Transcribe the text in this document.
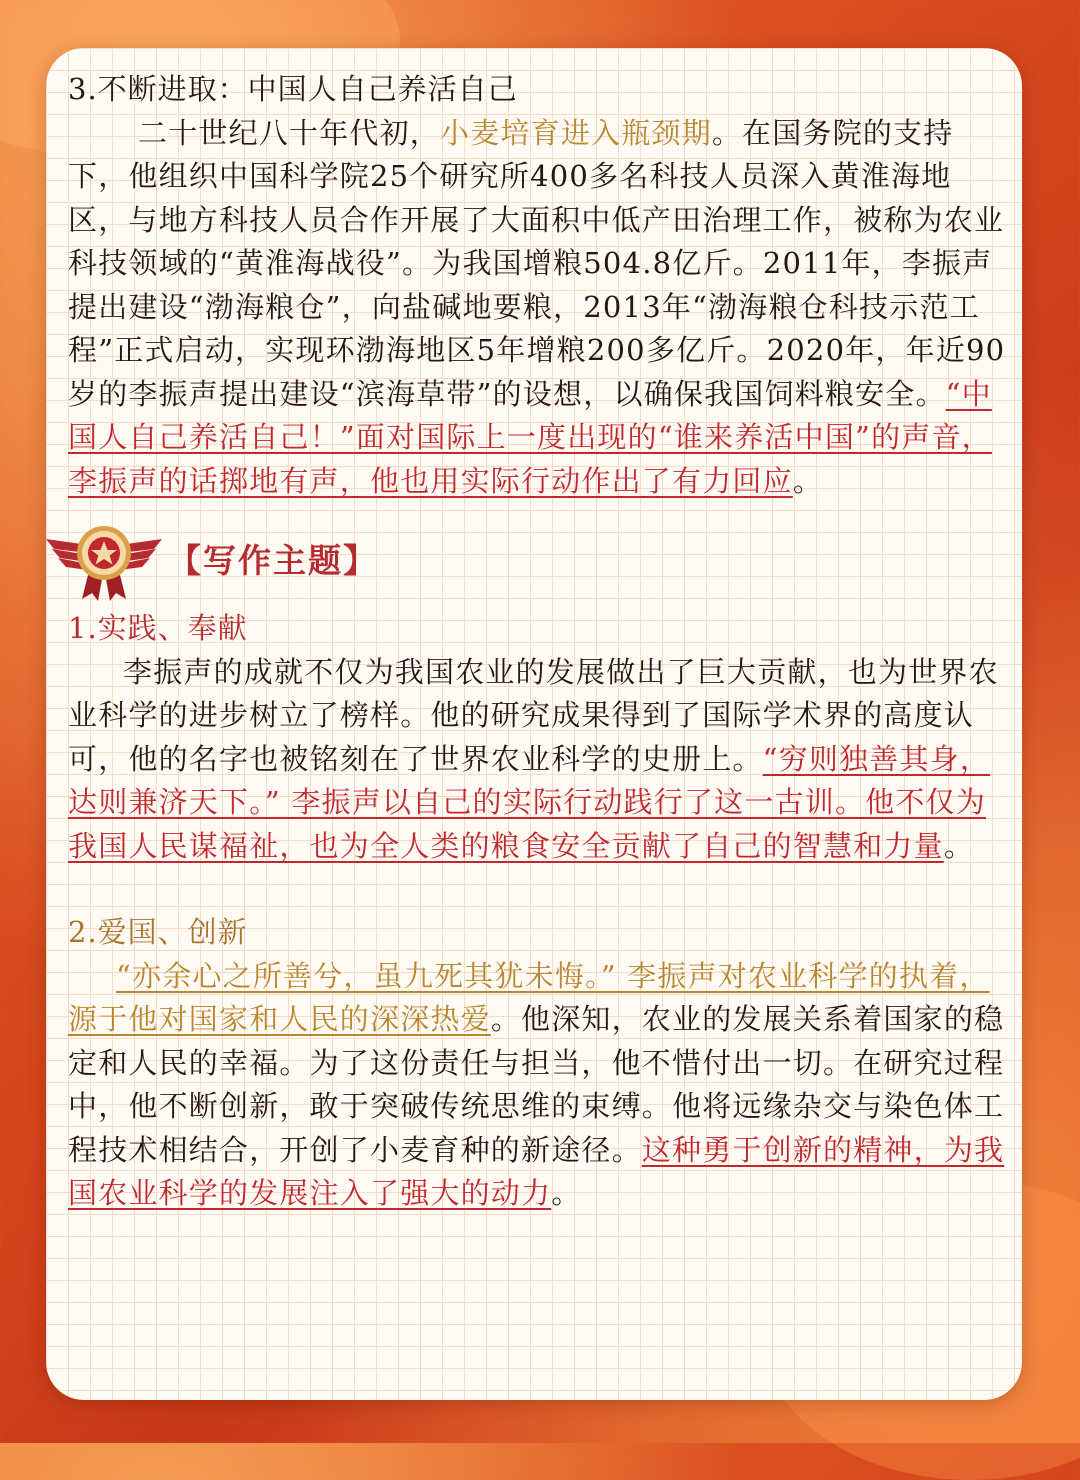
3.不断进取：中国人自己养活自己

二十世纪八十年代初，小麦培育进入瓶颈期。在国务院的支持下，他组织中国科学院25个研究所400多名科技人员深入黄淮海地区，与地方科技人员合作开展了大面积中低产田治理工作，被称为农业科技领域的“黄淮海战役”。为我国增粮504.8亿斤。2011年，李振声提出建设“渤海粮仓”，向盐碱地要粮，2013年“渤海粮仓科技示范工程”正式启动，实现环渤海地区5年增粮200多亿斤。2020年，年近90岁的李振声提出建设“滨海草带”的设想，以确保我国饲料粮安全。“中国人自己养活自己！”面对国际上一度出现的“谁来养活中国”的声音，李振声的话掷地有声，他也用实际行动作出了有力回应。

【写作主题】

1.实践、奉献

李振声的成就不仅为我国农业的发展做出了巨大贡献，也为世界农业科学的进步树立了榜样。他的研究成果得到了国际学术界的高度认可，他的名字也被铭刻在了世界农业科学的史册上。“穷则独善其身，达则兼济天下。” 李振声以自己的实际行动践行了这一古训。他不仅为我国人民谋福祉，也为全人类的粮食安全贡献了自己的智慧和力量。

2.爱国、创新

“亦余心之所善兮，虽九死其犹未悔。” 李振声对农业科学的执着，源于他对国家和人民的深深热爱。他深知，农业的发展关系着国家的稳定和人民的幸福。为了这份责任与担当，他不惜付出一切。在研究过程中，他不断创新，敢于突破传统思维的束缚。他将远缘杂交与染色体工程技术相结合，开创了小麦育种的新途径。这种勇于创新的精神，为我国农业科学的发展注入了强大的动力。
